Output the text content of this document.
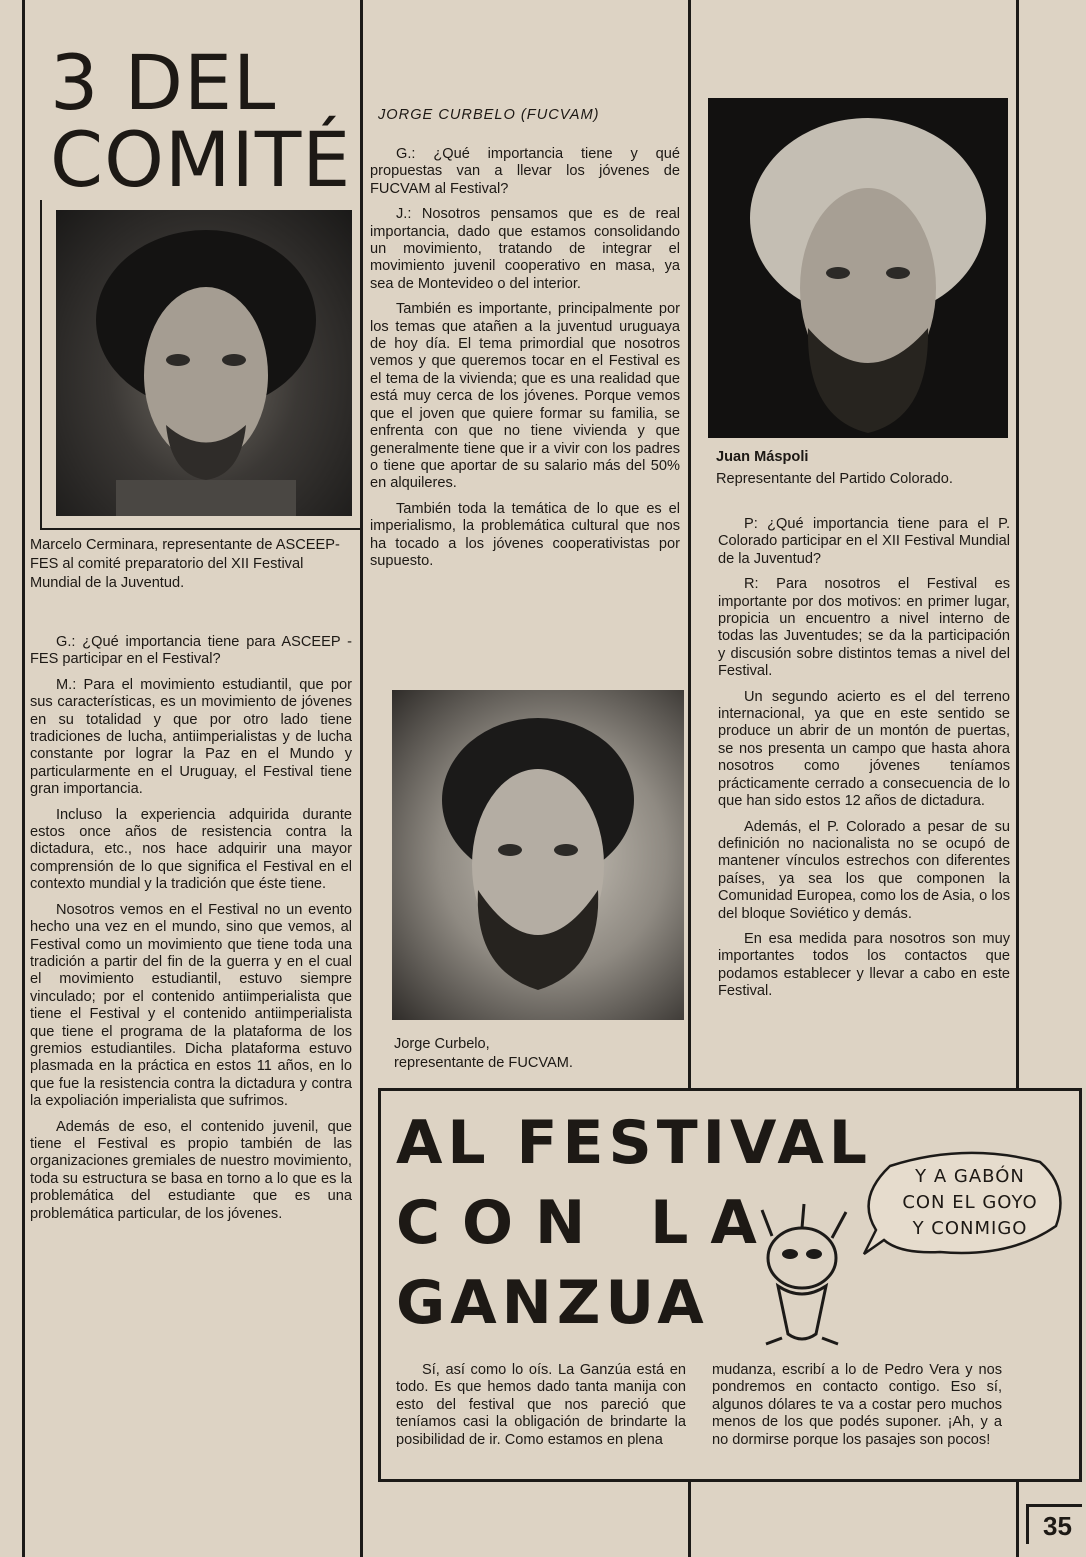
3 DEL
COMITÉ
Marcelo Cerminara, representante de ASCEEP-FES al comité preparatorio del XII Festival Mundial de la Juventud.

G.: ¿Qué importancia tiene para ASCEEP - FES participar en el Festival?

M.: Para el movimiento estudiantil, que por sus características, es un movimiento de jóvenes en su totalidad y que por otro lado tiene tradiciones de lucha, antiimperialistas y de lucha constante por lograr la Paz en el Mundo y particularmente en el Uruguay, el Festival tiene gran importancia.

Incluso la experiencia adquirida durante estos once años de resistencia contra la dictadura, etc., nos hace adquirir una mayor comprensión de lo que significa el Festival en el contexto mundial y la tradición que éste tiene.

Nosotros vemos en el Festival no un evento hecho una vez en el mundo, sino que vemos, al Festival como un movimiento que tiene toda una tradición a partir del fin de la guerra y en el cual el movimiento estudiantil, estuvo siempre vinculado; por el contenido antiimperialista que tiene el Festival y el contenido antiimperialista que tiene el programa de la plataforma de los gremios estudiantiles. Dicha plataforma estuvo plasmada en la práctica en estos 11 años, en lo que fue la resistencia contra la dictadura y contra la expoliación imperialista que sufrimos.

Además de eso, el contenido juvenil, que tiene el Festival es propio también de las organizaciones gremiales de nuestro movimiento, toda su estructura se basa en torno a lo que es la problemática del estudiante que es una problemática particular, de los jóvenes.

JORGE CURBELO (FUCVAM)

G.: ¿Qué importancia tiene y qué propuestas van a llevar los jóvenes de FUCVAM al Festival?

J.: Nosotros pensamos que es de real importancia, dado que estamos consolidando un movimiento, tratando de integrar el movimiento juvenil cooperativo en masa, ya sea de Montevideo o del interior.

También es importante, principalmente por los temas que atañen a la juventud uruguaya de hoy día. El tema primordial que nosotros vemos y que queremos tocar en el Festival es el tema de la vivienda; que es una realidad que está muy cerca de los jóvenes. Porque vemos que el joven que quiere formar su familia, se enfrenta con que no tiene vivienda y que generalmente tiene que ir a vivir con los padres o tiene que aportar de su salario más del 50% en alquileres.

También toda la temática de lo que es el imperialismo, la problemática cultural que nos ha tocado a los jóvenes cooperativistas por supuesto.

Jorge Curbelo,
representante de FUCVAM.
Juan Máspoli
Representante del Partido Colorado.

P: ¿Qué importancia tiene para el P. Colorado participar en el XII Festival Mundial de la Juventud?

R: Para nosotros el Festival es importante por dos motivos: en primer lugar, propicia un encuentro a nivel interno de todas las Juventudes; se da la participación y discusión sobre distintos temas a nivel del Festival.

Un segundo acierto es el del terreno internacional, ya que en este sentido se produce un abrir de un montón de puertas, se nos presenta un campo que hasta ahora nosotros como jóvenes teníamos prácticamente cerrado a consecuencia de lo que han sido estos 12 años de dictadura.

Además, el P. Colorado a pesar de su definición no nacionalista no se ocupó de mantener vínculos estrechos con diferentes países, ya sea los que componen la Comunidad Europea, como los de Asia, o los del bloque Soviético y demás.

En esa medida para nosotros son muy importantes todos los contactos que podamos establecer y llevar a cabo en este Festival.

AL FESTIVAL
CON LA
GANZUA
Y A GABÓN
CON EL GOYO
Y CONMIGO
Sí, así como lo oís. La Ganzúa está en todo. Es que hemos dado tanta manija con esto del festival que nos pareció que teníamos casi la obligación de brindarte la posibilidad de ir. Como estamos en plena
mudanza, escribí a lo de Pedro Vera y nos pondremos en contacto contigo. Eso sí, algunos dólares te va a costar pero muchos menos de los que podés suponer. ¡Ah, y a no dormirse porque los pasajes son pocos!
35
